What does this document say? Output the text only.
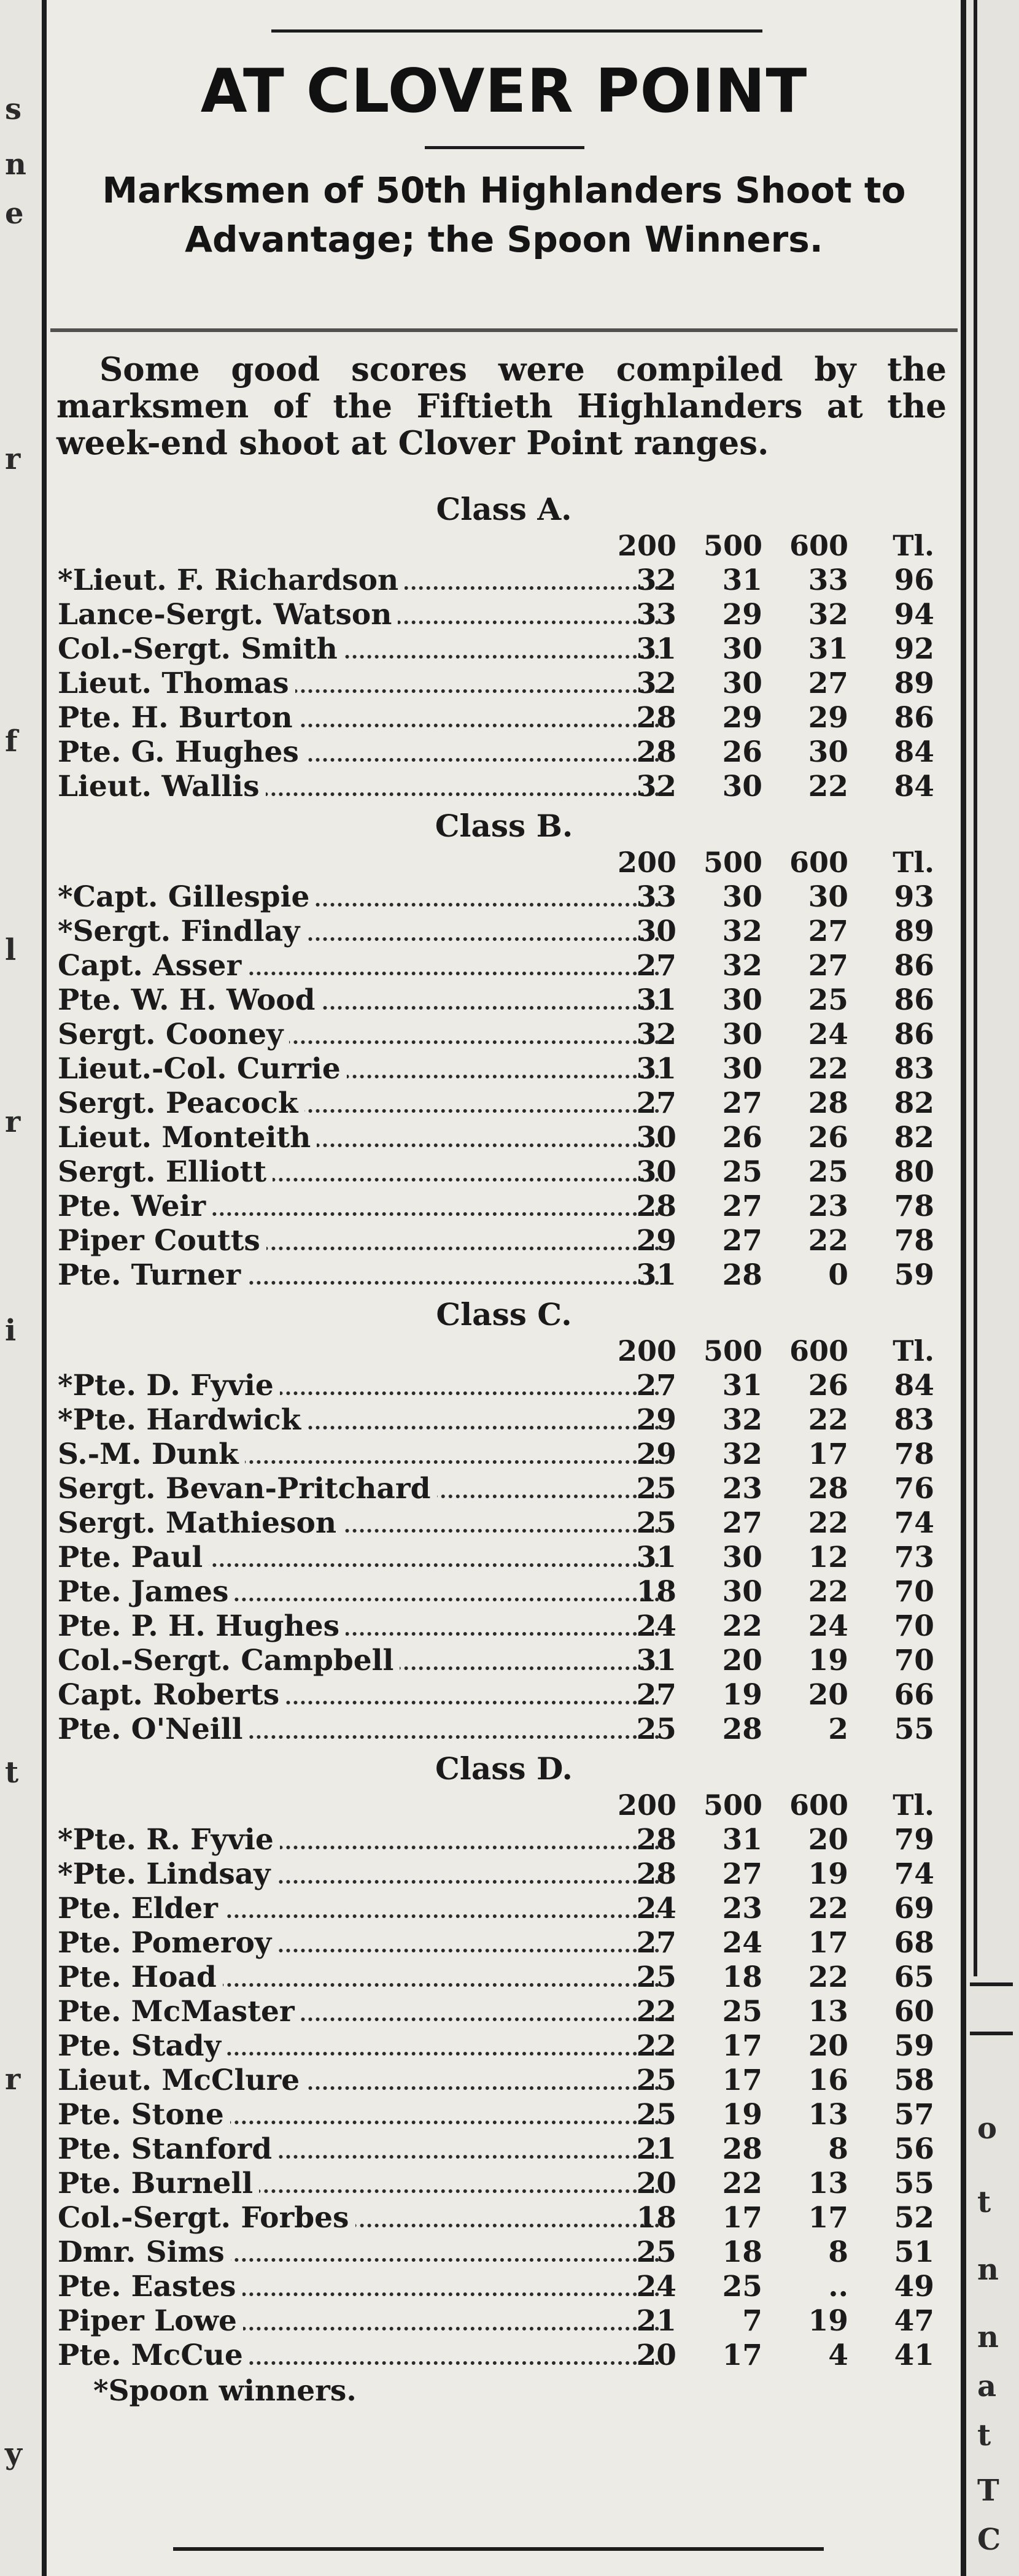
s
n
e
r
f
l
r
i
t
r
y
AT CLOVER POINT
Marksmen of 50th Highlanders Shoot to Advantage; the Spoon Winners.
Some good scores were compiled by the marksmen of the Fiftieth Highlanders at the week-end shoot at Clover Point ranges.
Class A.
200 500 600	Tl.
*Lieut. F. Richardson	32	31	33	96
Lance-Sergt. Watson	33	29	32	94
Col.-Sergt. Smith	31	30	31	92
Lieut. Thomas	32	30	27	89
Pte. H. Burton	28	29	29	86
Pte. G. Hughes	28	26	30	84
Lieut. Wallis	32	30	22	84
Class B.
200 500 600	Tl.
*Capt. Gillespie	33	30	30	93
*Sergt. Findlay	30	32	27	89
Capt. Asser	27	32	27	86
Pte. W. H. Wood	31	30	25	86
Sergt. Cooney	32	30	24	86
Lieut.-Col. Currie	31	30	22	83
Sergt. Peacock	27	27	28	82
Lieut. Monteith	30	26	26	82
Sergt. Elliott	30	25	25	80
Pte. Weir	28	27	23	78
Piper Coutts	29	27	22	78
Pte. Turner	31	28	0	59
Class C.
200 500 600	Tl.
*Pte. D. Fyvie	27	31	26	84
*Pte. Hardwick	29	32	22	83
S.-M. Dunk	29	32	17	78
Sergt. Bevan-Pritchard	25	23	28	76
Sergt. Mathieson	25	27	22	74
Pte. Paul	31	30	12	73
Pte. James	18	30	22	70
Pte. P. H. Hughes	24	22	24	70
Col.-Sergt. Campbell	31	20	19	70
Capt. Roberts	27	19	20	66
Pte. O'Neill	25	28	2	55
Class D.
200 500 600	Tl.
*Pte. R. Fyvie	28	31	20	79
*Pte. Lindsay	28	27	19	74
Pte. Elder	24	23	22	69
Pte. Pomeroy	27	24	17	68
Pte. Hoad	25	18	22	65
Pte. McMaster	22	25	13	60
Pte. Stady	22	17	20	59
Lieut. McClure	25	17	16	58
Pte. Stone	25	19	13	57
Pte. Stanford	21	28	8	56
Pte. Burnell	20	22	13	55
Col.-Sergt. Forbes	18	17	17	52
Dmr. Sims	25	18	8	51
Pte. Eastes	24	25	..	49
Piper Lowe	21	7	19	47
Pte. McCue	20	17	4	41
*Spoon winners.
o
t
n
n
a
t
T
C
